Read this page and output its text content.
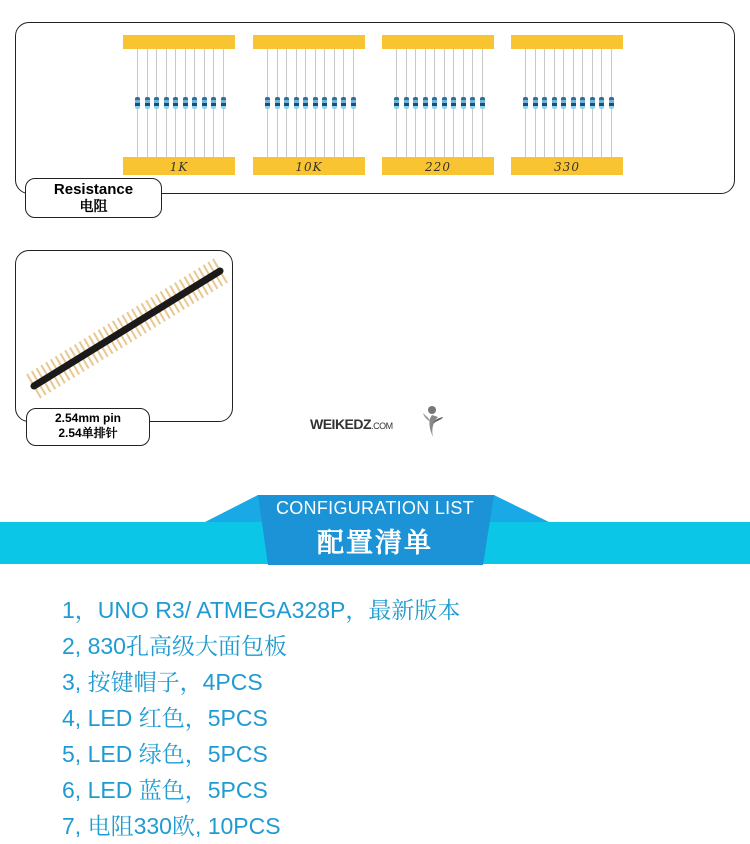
1K	10K	220	330
Resistance
电阻
2.54mm pin
2.54单排针
WEIKEDZ.COM
CONFIGURATION LIST
配置清单
1，UNO R3/ ATMEGA328P，最新版本
2, 830孔高级大面包板
3, 按键帽子，4PCS
4, LED 红色，5PCS
5, LED 绿色，5PCS
6, LED 蓝色，5PCS
7, 电阻330欧, 10PCS
